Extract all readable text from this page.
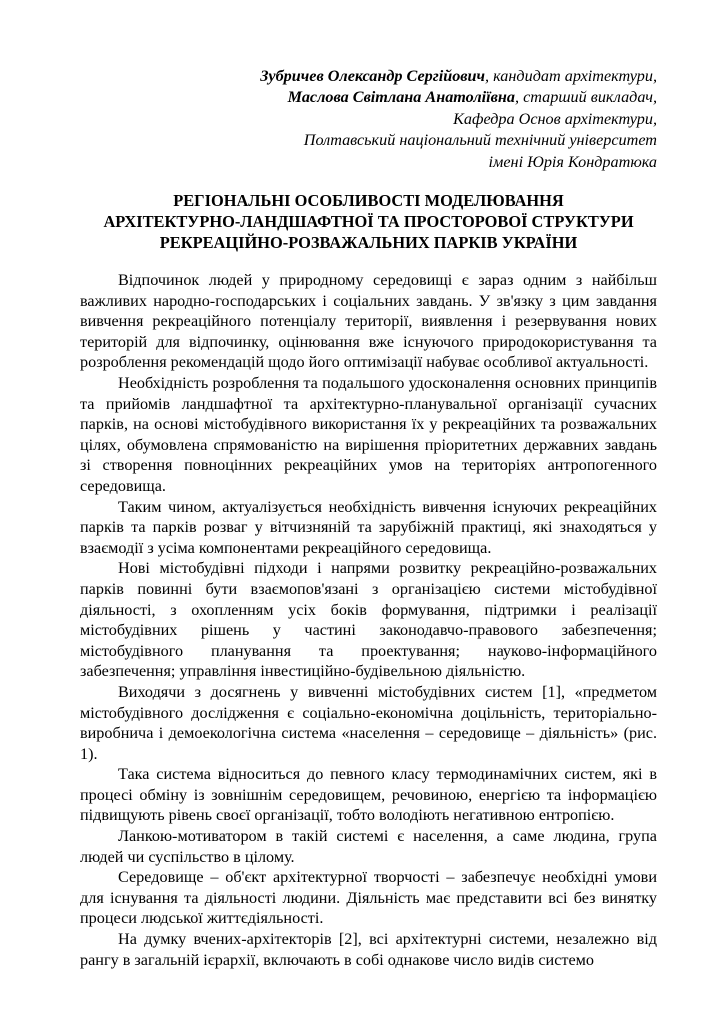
Зубричев Олександр Сергійович, кандидат архітектури,
Маслова Світлана Анатоліївна, старший викладач,
Кафедра Основ архітектури,
Полтавський національний технічний університет
імені Юрія Кондратюка
РЕГІОНАЛЬНІ ОСОБЛИВОСТІ МОДЕЛЮВАННЯ
АРХІТЕКТУРНО-ЛАНДШАФТНОЇ ТА ПРОСТОРОВОЇ СТРУКТУРИ
РЕКРЕАЦІЙНО-РОЗВАЖАЛЬНИХ ПАРКІВ УКРАЇНИ

Відпочинок людей у природному середовищі є зараз одним з найбільш важливих народно-господарських і соціальних завдань. У зв'язку з цим завдання вивчення рекреаційного потенціалу території, виявлення і резервування нових територій для відпочинку, оцінювання вже існуючого природокористування та розроблення рекомендацій щодо його оптимізації набуває особливої актуальності.

Необхідність розроблення та подальшого удосконалення основних принципів та прийомів ландшафтної та архітектурно-планувальної організації сучасних парків, на основі містобудівного використання їх у рекреаційних та розважальних цілях, обумовлена спрямованістю на вирішення пріоритетних державних завдань зі створення повноцінних рекреаційних умов на територіях антропогенного середовища.

Таким чином, актуалізується необхідність вивчення існуючих рекреаційних парків та парків розваг у вітчизняній та зарубіжній практиці, які знаходяться у взаємодії з усіма компонентами рекреаційного середовища.

Нові містобудівні підходи і напрями розвитку рекреаційно-розважальних парків повинні бути взаємопов'язані з організацією системи містобудівної діяльності, з охопленням усіх боків формування, підтримки і реалізації містобудівних рішень у частині законодавчо-правового забезпечення; містобудівного планування та проектування; науково-інформаційного забезпечення; управління інвестиційно-будівельною діяльністю.

Виходячи з досягнень у вивченні містобудівних систем [1], «предметом містобудівного дослідження є соціально-економічна доцільність, територіально-виробнича і демоекологічна система «населення – середовище – діяльність» (рис. 1).

Така система відноситься до певного класу термодинамічних систем, які в процесі обміну із зовнішнім середовищем, речовиною, енергією та інформацією підвищують рівень своєї організації, тобто володіють негативною ентропією.

Ланкою-мотиватором в такій системі є населення, а саме людина, група людей чи суспільство в цілому.

Середовище – об'єкт архітектурної творчості – забезпечує необхідні умови для існування та діяльності людини. Діяльність має представити всі без винятку процеси людської життєдіяльності.

На думку вчених-архітекторів [2], всі архітектурні системи, незалежно від рангу в загальній ієрархії, включають в собі однакове число видів системо
